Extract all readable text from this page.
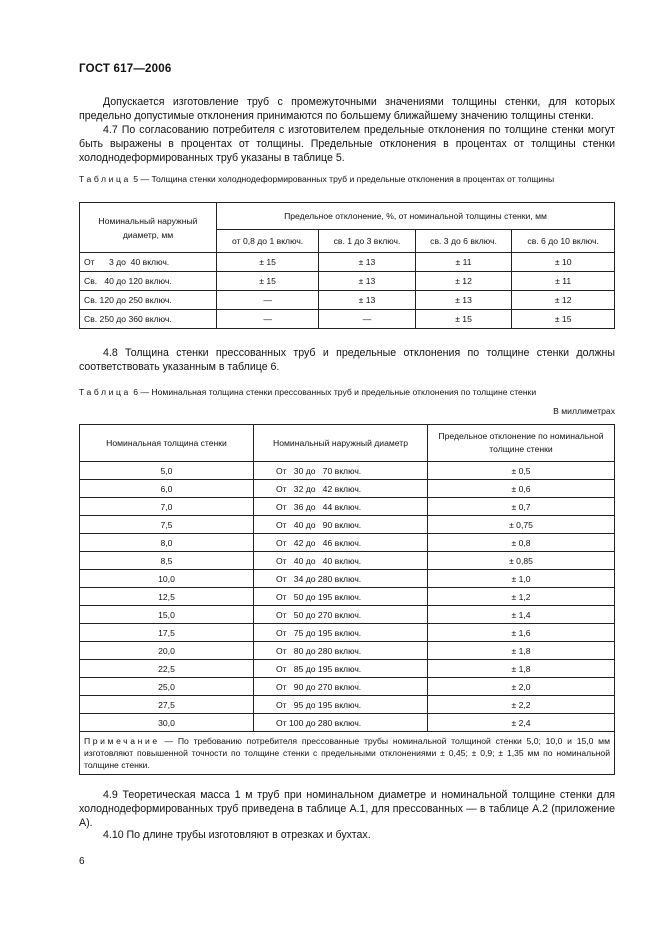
ГОСТ 617—2006
Допускается изготовление труб с промежуточными значениями толщины стенки, для которых предельно допустимые отклонения принимаются по большему ближайшему значению толщины стенки.
4.7 По согласованию потребителя с изготовителем предельные отклонения по толщине стенки могут быть выражены в процентах от толщины. Предельные отклонения в процентах от толщины стенки холоднодеформированных труб указаны в таблице 5.
Таблица 5 — Толщина стенки холоднодеформированных труб и предельные отклонения в процентах от толщины
Номинальный наружный диаметр, мм	Предельное отклонение, %, от номинальной толщины стенки, мм			
	от 0,8 до 1 включ.	св. 1 до 3 включ.	св. 3 до 6 включ.	св. 6 до 10 включ.
От      3 до  40 включ.	± 15	± 13	± 11	± 10
Св.   40 до 120 включ.	± 15	± 13	± 12	± 11
Св. 120 до 250 включ.	—	± 13	± 13	± 12
Св. 250 до 360 включ.	—	—	± 15	± 15
4.8 Толщина стенки прессованных труб и предельные отклонения по толщине стенки должны соответствовать указанным в таблице 6.
Таблица 6 — Номинальная толщина стенки прессованных труб и предельные отклонения по толщине стенки
В миллиметрах
Номинальная толщина стенки	Номинальный наружный диаметр	Предельное отклонение по номинальной толщине стенки
5,0	От   30 до   70 включ.	± 0,5
6,0	От   32 до   42 включ.	± 0,6
7,0	От   36 до   44 включ.	± 0,7
7,5	От   40 до   90 включ.	± 0,75
8,0	От   42 до   46 включ.	± 0,8
8,5	От   40 до   40 включ.	± 0,85
10,0	От   34 до 280 включ.	± 1,0
12,5	От   50 до 195 включ.	± 1,2
15,0	От   50 до 270 включ.	± 1,4
17,5	От   75 до 195 включ.	± 1,6
20,0	От   80 до 280 включ.	± 1,8
22,5	От   85 до 195 включ.	± 1,8
25,0	От   90 до 270 включ.	± 2,0
27,5	От   95 до 195 включ.	± 2,2
30,0	От 100 до 280 включ.	± 2,4
Примечание — По требованию потребителя прессованные трубы номинальной толщиной стенки 5,0; 10,0 и 15,0 мм изготовляют повышенной точности по толщине стенки с предельными отклонениями ± 0,45; ± 0,9; ± 1,35 мм по номинальной толщине стенки.		
4.9 Теоретическая масса 1 м труб при номинальном диаметре и номинальной толщине стенки для холоднодеформированных труб приведена в таблице А.1, для прессованных — в таблице А.2 (приложение А).
4.10 По длине трубы изготовляют в отрезках и бухтах.
6
